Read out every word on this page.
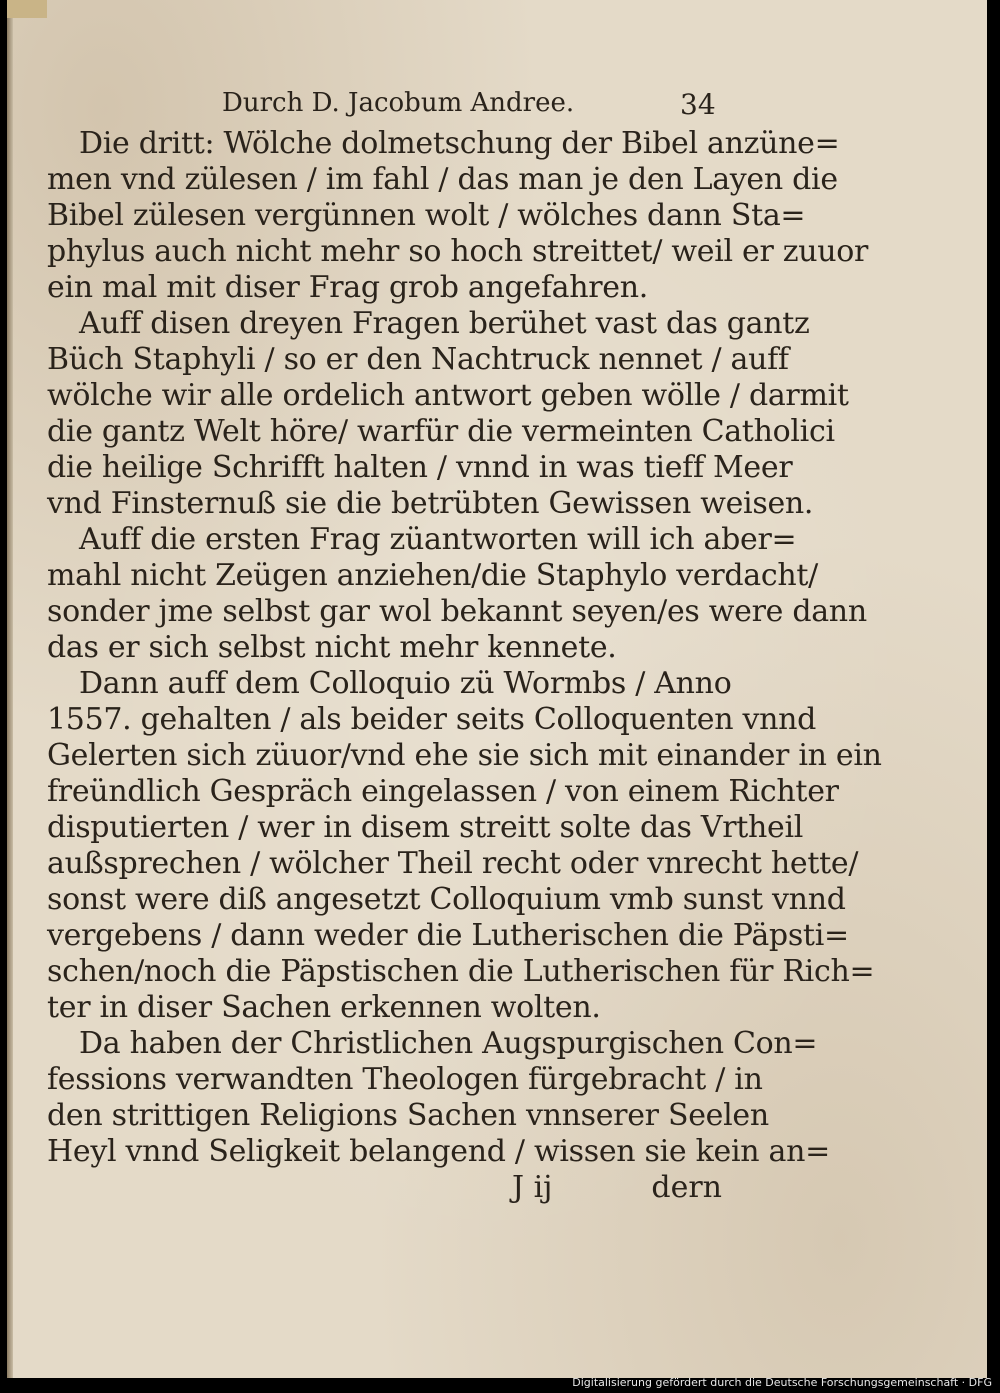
Durch D. Jacobum Andree.	34
Die dritt: Wölche dolmetschung der Bibel anzüne=
men vnd zülesen / im fahl / das man je den Layen die
Bibel zülesen vergünnen wolt / wölches dann Sta=
phylus auch nicht mehr so hoch streittet/ weil er zuuor
ein mal mit diser Frag grob angefahren.
Auff disen dreyen Fragen berühet vast das gantz
Büch Staphyli / so er den Nachtruck nennet / auff
wölche wir alle ordelich antwort geben wölle / darmit
die gantz Welt höre/ warfür die vermeinten Catholici
die heilige Schrifft halten / vnnd in was tieff Meer
vnd Finsternuß sie die betrübten Gewissen weisen.
Auff die ersten Frag züantworten will ich aber=
mahl nicht Zeügen anziehen/die Staphylo verdacht/
sonder jme selbst gar wol bekannt seyen/es were dann
das er sich selbst nicht mehr kennete.
Dann auff dem Colloquio zü Wormbs / Anno
1557. gehalten / als beider seits Colloquenten vnnd
Gelerten sich züuor/vnd ehe sie sich mit einander in ein
freündlich Gespräch eingelassen / von einem Richter
disputierten / wer in disem streitt solte das Vrtheil
außsprechen / wölcher Theil recht oder vnrecht hette/
sonst were diß angesetzt Colloquium vmb sunst vnnd
vergebens / dann weder die Lutherischen die Päpsti=
schen/noch die Päpstischen die Lutherischen für Rich=
ter in diser Sachen erkennen wolten.
Da haben der Christlichen Augspurgischen Con=
fessions verwandten Theologen fürgebracht / in
den strittigen Religions Sachen vnnserer Seelen
Heyl vnnd Seligkeit belangend / wissen sie kein an=
J ij	dern
Digitalisierung gefördert durch die Deutsche Forschungsgemeinschaft · DFG
